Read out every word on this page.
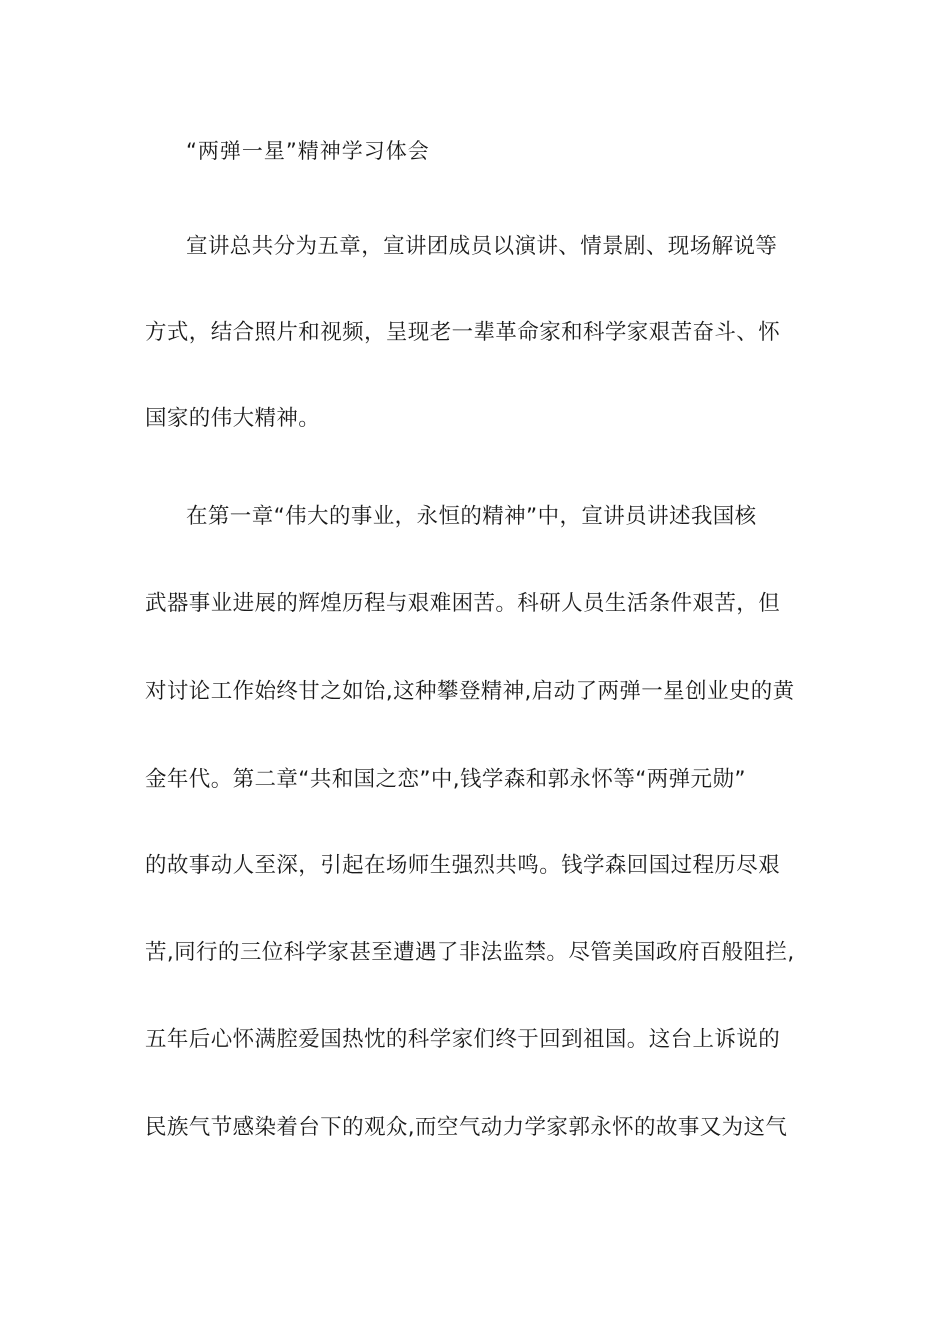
“两弹一星”精神学习体会
宣讲总共分为五章，宣讲团成员以演讲、情景剧、现场解说等
方式，结合照片和视频，呈现老一辈革命家和科学家艰苦奋斗、怀
国家的伟大精神。
在第一章“伟大的事业，永恒的精神”中，宣讲员讲述我国核
武器事业进展的辉煌历程与艰难困苦。科研人员生活条件艰苦，但
对讨论工作始终甘之如饴,这种攀登精神,启动了两弹一星创业史的黄
金年代。第二章“共和国之恋”中,钱学森和郭永怀等“两弹元勋”
的故事动人至深，引起在场师生强烈共鸣。钱学森回国过程历尽艰
苦,同行的三位科学家甚至遭遇了非法监禁。尽管美国政府百般阻拦,
五年后心怀满腔爱国热忱的科学家们终于回到祖国。这台上诉说的
民族气节感染着台下的观众,而空气动力学家郭永怀的故事又为这气
